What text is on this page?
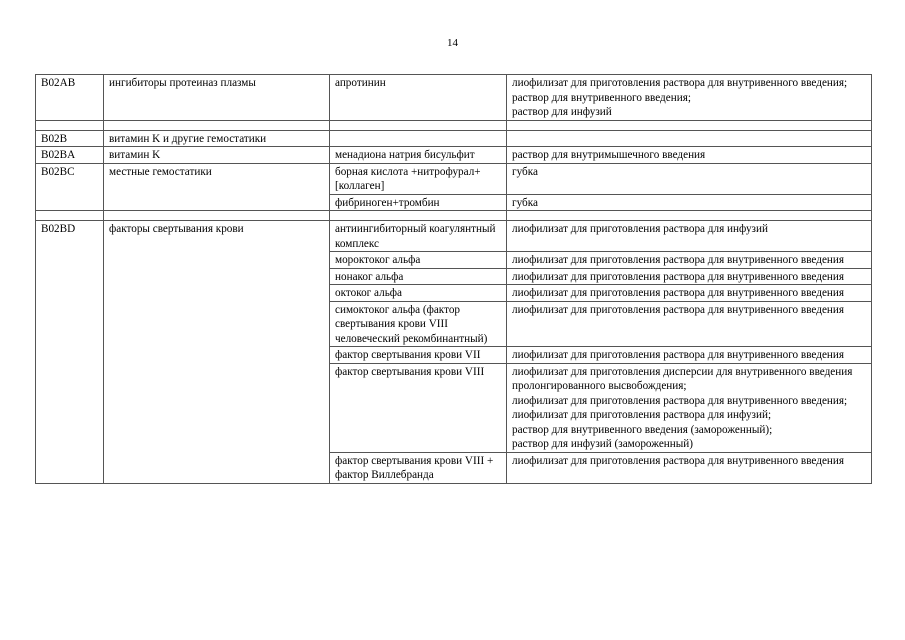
14
B02AB	ингибиторы протеиназ плазмы	апротинин	лиофилизат для приготовления раствора для внутривенного введения;
раствор для внутривенного введения;
раствор для инфузий

B02B	витамин K и другие гемостатики		
B02BA	витамин K	менадиона натрия бисульфит	раствор для внутримышечного введения
B02BC	местные гемостатики	борная кислота +нитрофурал+[коллаген]	губка
		фибриноген+тромбин	губка

B02BD	факторы свертывания крови	антиингибиторный коагулянтный комплекс	лиофилизат для приготовления раствора для инфузий
		мороктоког альфа	лиофилизат для приготовления раствора для внутривенного введения
		нонаког альфа	лиофилизат для приготовления раствора для внутривенного введения
		октоког альфа	лиофилизат для приготовления раствора для внутривенного введения
		симоктоког альфа (фактор свертывания крови VIII человеческий рекомбинантный)	лиофилизат для приготовления раствора для внутривенного введения
		фактор свертывания крови VII	лиофилизат для приготовления раствора для внутривенного введения
		фактор свертывания крови VIII	лиофилизат для приготовления дисперсии для внутривенного введения пролонгированного высвобождения;
лиофилизат для приготовления раствора для внутривенного введения;
лиофилизат для приготовления раствора для инфузий;
раствор для внутривенного введения (замороженный);
раствор для инфузий (замороженный)

		фактор свертывания крови VIII + фактор Виллебранда	лиофилизат для приготовления раствора для внутривенного введения
